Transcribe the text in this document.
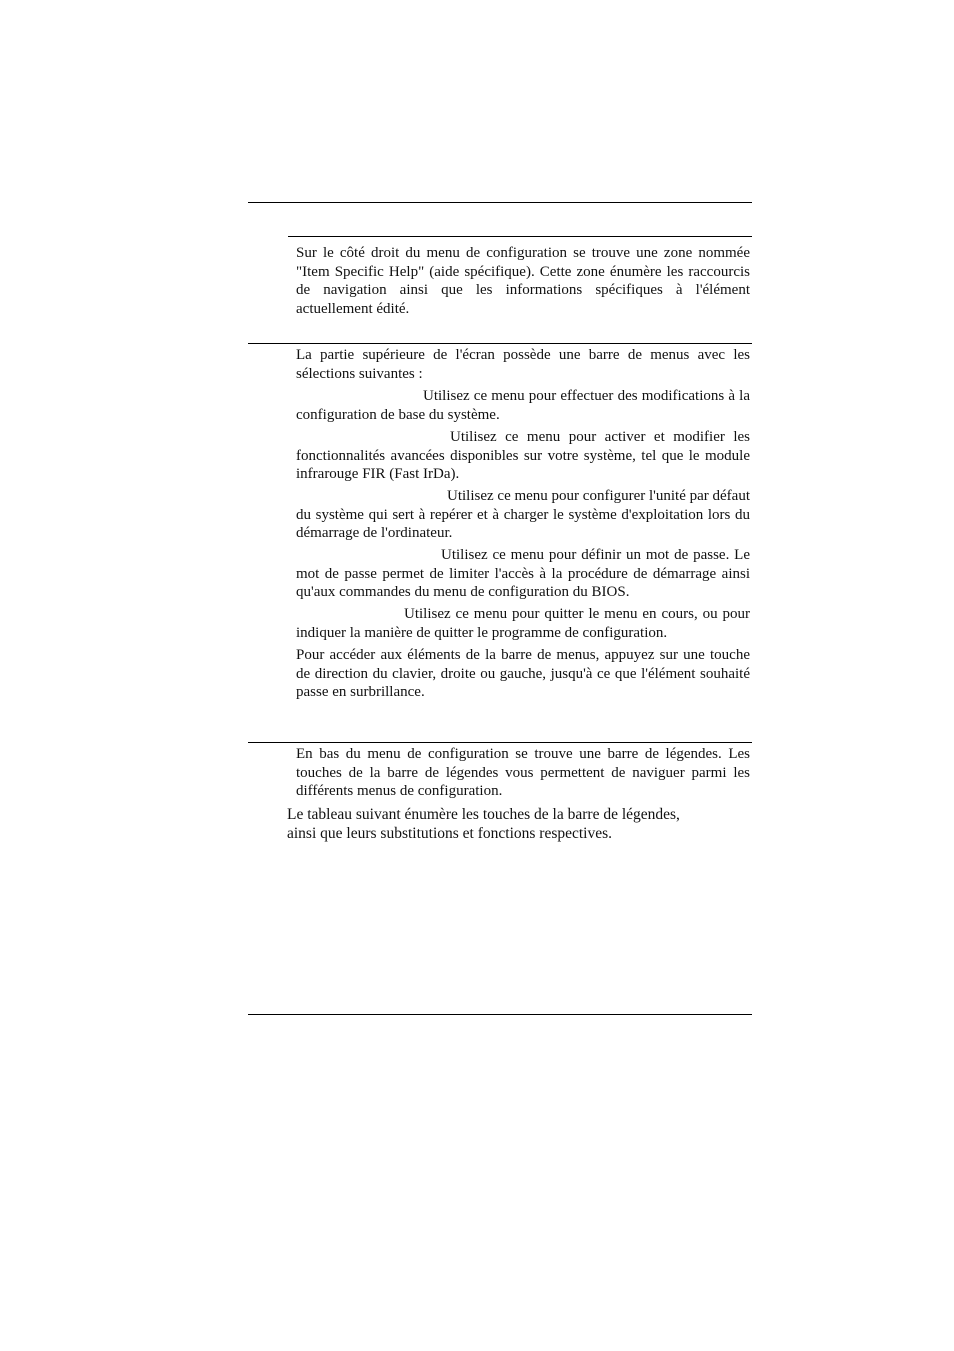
Sur le côté droit du menu de configuration se trouve une zone nommée "Item Specific Help" (aide spécifique). Cette zone énumère les raccourcis de navigation ainsi que les informations spécifiques à l'élément actuellement édité.

La partie supérieure de l'écran possède une barre de menus avec les sélections suivantes :

Utilisez ce menu pour effectuer des modifications à la configuration de base du système.

Utilisez ce menu pour activer et modifier les fonctionnalités avancées disponibles sur votre système, tel que le module infrarouge FIR (Fast IrDa).

Utilisez ce menu pour configurer l'unité par défaut du système qui sert à repérer et à charger le système d'exploitation lors du démarrage de l'ordinateur.

Utilisez ce menu pour définir un mot de passe. Le mot de passe permet de limiter l'accès à la procédure de démarrage ainsi qu'aux commandes du menu de configuration du BIOS.

Utilisez ce menu pour quitter le menu en cours, ou pour indiquer la manière de quitter le programme de configuration.

Pour accéder aux éléments de la barre de menus, appuyez sur une touche de direction du clavier, droite ou gauche, jusqu'à ce que l'élément souhaité passe en surbrillance.

En bas du menu de configuration se trouve une barre de légendes. Les touches de la barre de légendes vous permettent de naviguer parmi les différents menus de configuration.

Le tableau suivant énumère les touches de la barre de légendes,

ainsi que leurs substitutions et fonctions respectives.
